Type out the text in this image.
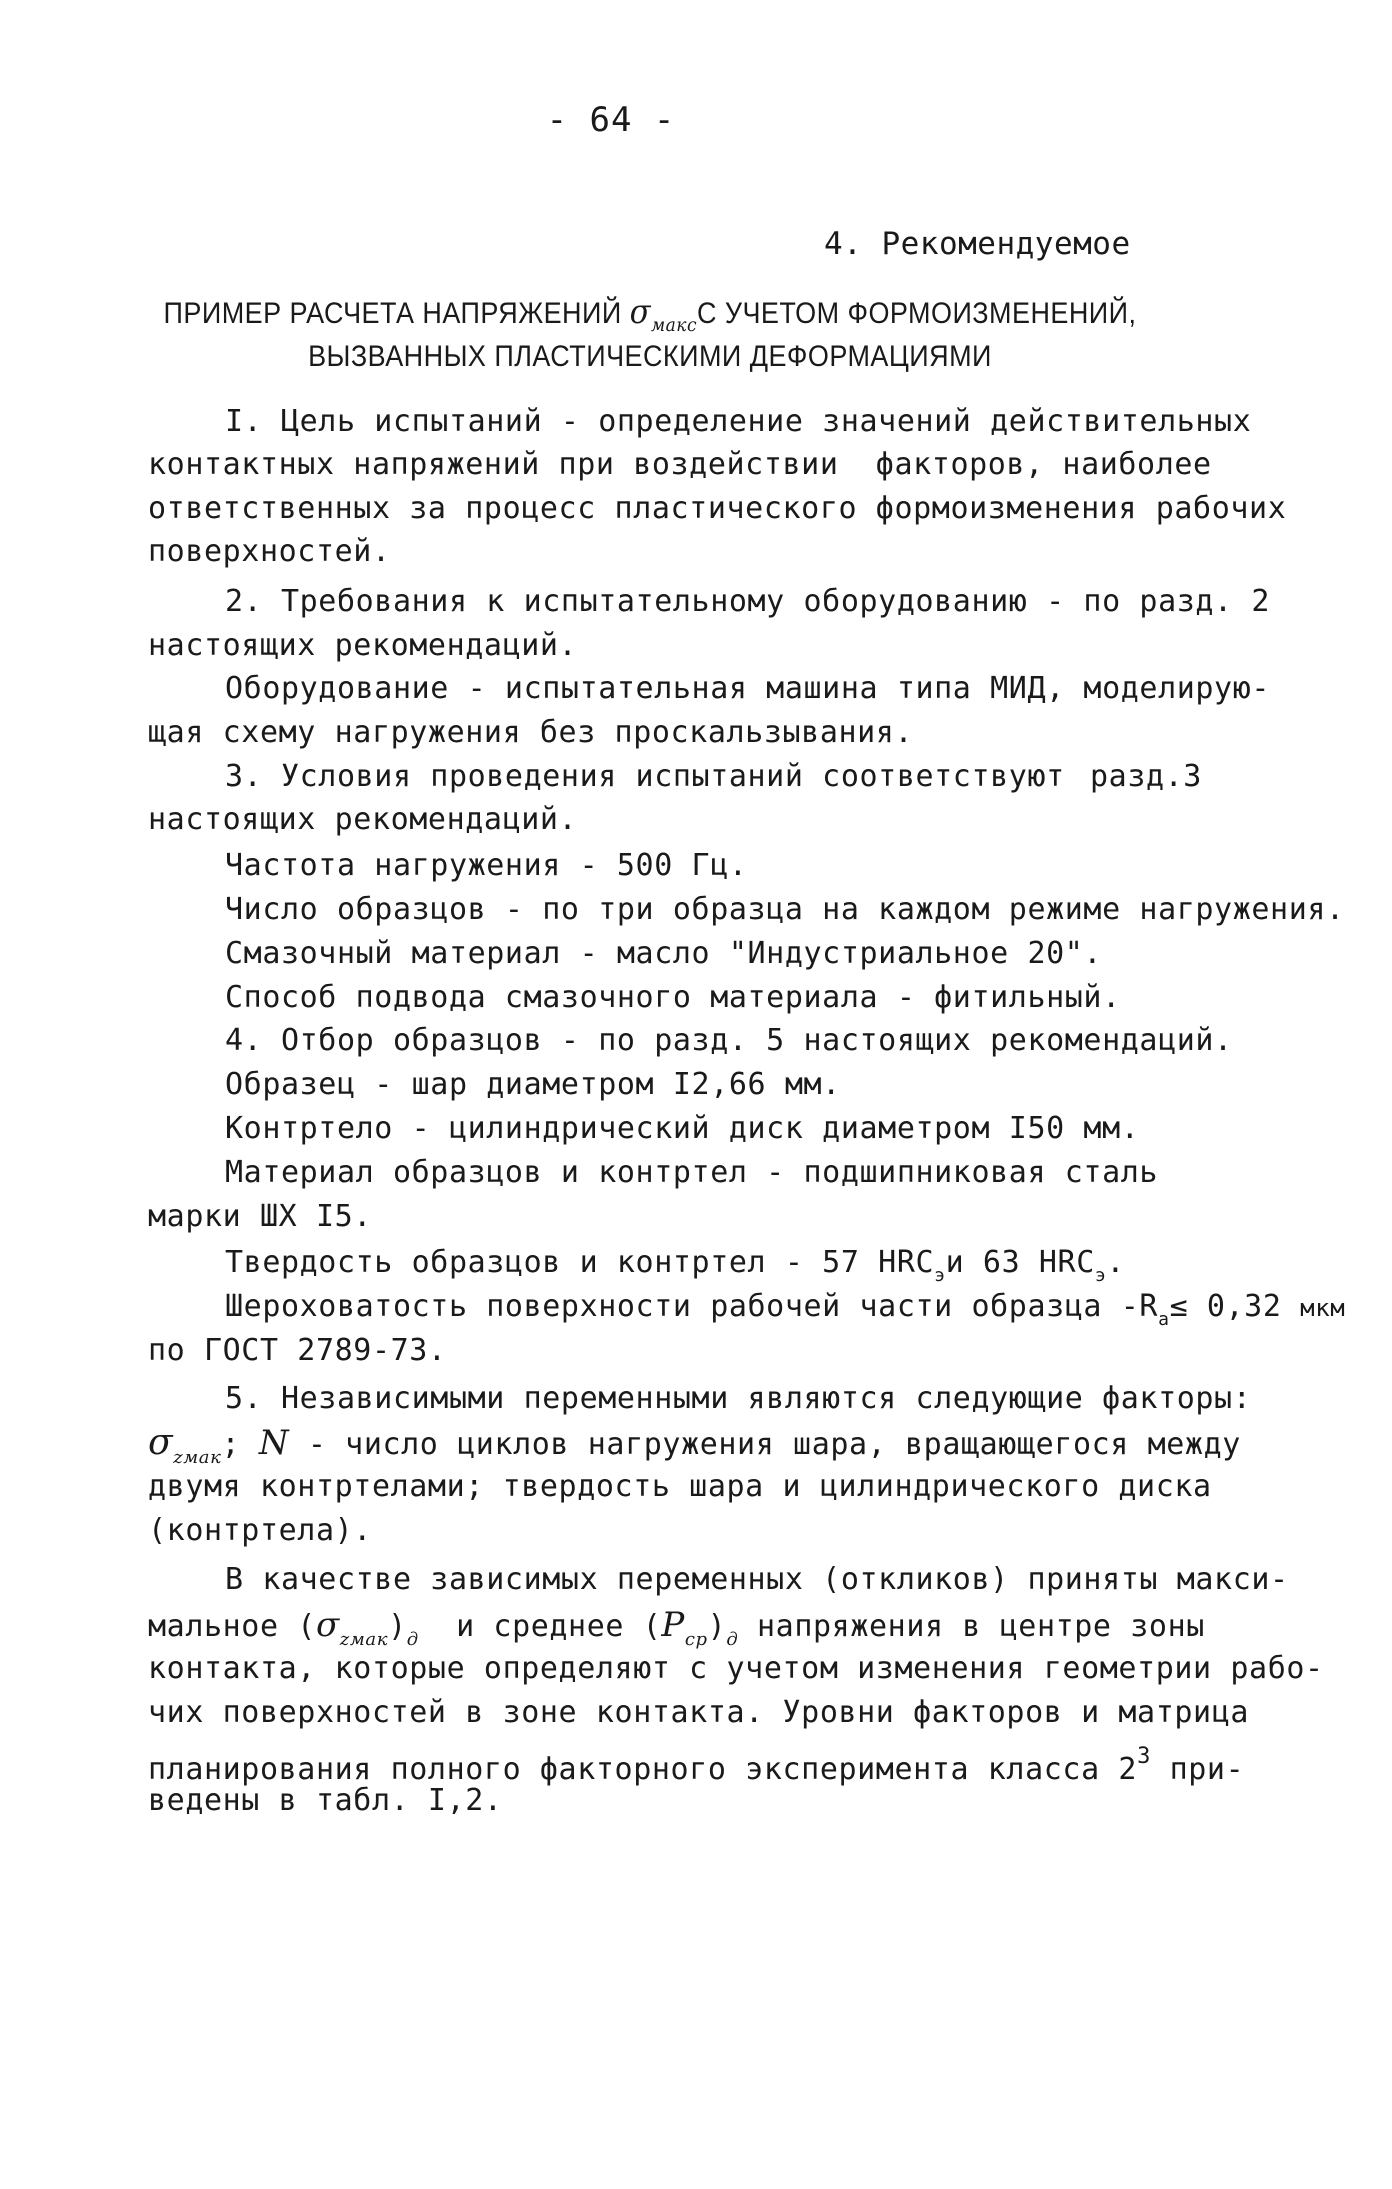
- 64 -
4. Рекомендуемое
ПРИМЕР РАСЧЕТА НАПРЯЖЕНИЙ $\sigma_{макс}С$ УЧЕТОМ ФОРМОИЗМЕНЕНИЙ,
ВЫЗВАННЫХ ПЛАСТИЧЕСКИМИ ДЕФОРМАЦИЯМИ
I. Цель испытаний - определение значений действительных
контактных напряжений при воздействии  факторов, наиболее
ответственных за процесс пластического формоизменения рабочих
поверхностей.
2. Требования к испытательному оборудованию - по разд. 2
настоящих рекомендаций.
Оборудование - испытательная машина типа МИД, моделирую-
щая схему нагружения без проскальзывания.
3. Условия проведения испытаний соответствуют разд.3
настоящих рекомендаций.
Частота нагружения - 500 Гц.
Число образцов - по три образца на каждом режиме нагружения.
Смазочный материал - масло "Индустриальное 20".
Способ подвода смазочного материала - фитильный.
4. Отбор образцов - по разд. 5 настоящих рекомендаций.
Образец - шар диаметром I2,66 мм.
Контртело - цилиндрический диск диаметром I50 мм.
Материал образцов и контртел - подшипниковая сталь
марки ШХ I5.
Твердость образцов и контртел - 57 $HRC_эи$ 63 $HRC_э$.
Шероховатость поверхности рабочей части образца $-R_a\le 0,32$ мкм
по ГОСТ 2789-73.
5. Независимыми переменными являются следующие факторы:
$\sigma_{zмак}$; N - число циклов нагружения шара, вращающегося между
двумя контртелами; твердость шара и цилиндрического диска
(контртела).
В качестве зависимых переменных (откликов) приняты макси-
мальное $(\sigma_{zмак})_д$  и среднее $(P_{ср})_д$ напряжения в центре зоны
контакта, которые определяют с учетом изменения геометрии рабо-
чих поверхностей в зоне контакта. Уровни факторов и матрица
планирования полного факторного эксперимента класса $2^3$ при-
ведены в табл. I,2.
